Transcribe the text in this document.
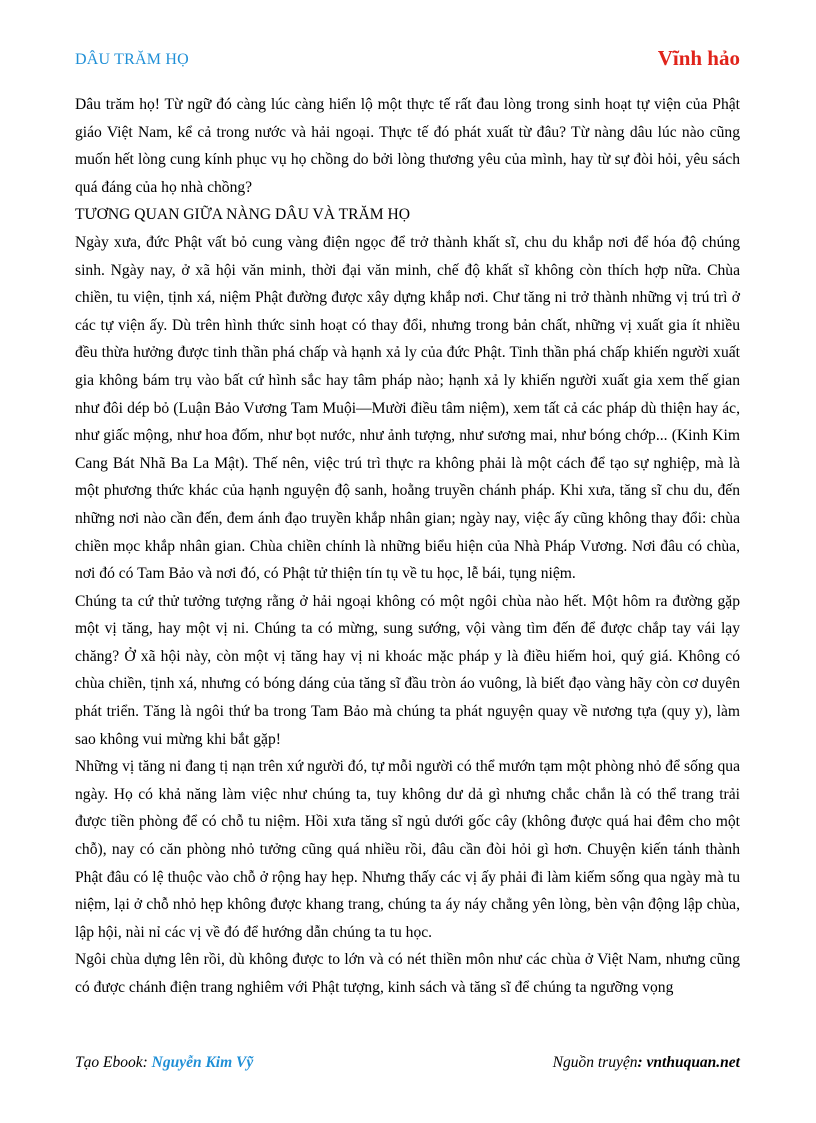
DÂU TRĂM HỌ	Vĩnh hảo

Dâu trăm họ! Từ ngữ đó càng lúc càng hiển lộ một thực tế rất đau lòng trong sinh hoạt tự viện của Phật giáo Việt Nam, kể cả trong nước và hải ngoại. Thực tế đó phát xuất từ đâu? Từ nàng dâu lúc nào cũng muốn hết lòng cung kính phục vụ họ chồng do bởi lòng thương yêu của mình, hay từ sự đòi hỏi, yêu sách quá đáng của họ nhà chồng?

TƯƠNG QUAN GIỮA NÀNG DÂU VÀ TRĂM HỌ

Ngày xưa, đức Phật vất bỏ cung vàng điện ngọc để trở thành khất sĩ, chu du khắp nơi để hóa độ chúng sinh. Ngày nay, ở xã hội văn minh, thời đại văn minh, chế độ khất sĩ không còn thích hợp nữa. Chùa chiền, tu viện, tịnh xá, niệm Phật đường được xây dựng khắp nơi. Chư tăng ni trở thành những vị trú trì ở các tự viện ấy. Dù trên hình thức sinh hoạt có thay đổi, nhưng trong bản chất, những vị xuất gia ít nhiều đều thừa hưởng được tinh thần phá chấp và hạnh xả ly của đức Phật. Tinh thần phá chấp khiến người xuất gia không bám trụ vào bất cứ hình sắc hay tâm pháp nào; hạnh xả ly khiến người xuất gia xem thế gian như đôi dép bỏ (Luận Bảo Vương Tam Muội—Mười điều tâm niệm), xem tất cả các pháp dù thiện hay ác, như giấc mộng, như hoa đốm, như bọt nước, như ảnh tượng, như sương mai, như bóng chớp... (Kinh Kim Cang Bát Nhã Ba La Mật). Thế nên, việc trú trì thực ra không phải là một cách để tạo sự nghiệp, mà là một phương thức khác của hạnh nguyện độ sanh, hoằng truyền chánh pháp. Khi xưa, tăng sĩ chu du, đến những nơi nào cần đến, đem ánh đạo truyền khắp nhân gian; ngày nay, việc ấy cũng không thay đổi: chùa chiền mọc khắp nhân gian. Chùa chiền chính là những biểu hiện của Nhà Pháp Vương. Nơi đâu có chùa, nơi đó có Tam Bảo và nơi đó, có Phật tử thiện tín tụ về tu học, lễ bái, tụng niệm.

Chúng ta cứ thử tưởng tượng rằng ở hải ngoại không có một ngôi chùa nào hết. Một hôm ra đường gặp một vị tăng, hay một vị ni. Chúng ta có mừng, sung sướng, vội vàng tìm đến để được chắp tay vái lạy chăng? Ở xã hội này, còn một vị tăng hay vị ni khoác mặc pháp y là điều hiếm hoi, quý giá. Không có chùa chiền, tịnh xá, nhưng có bóng dáng của tăng sĩ đầu tròn áo vuông, là biết đạo vàng hãy còn cơ duyên phát triển. Tăng là ngôi thứ ba trong Tam Bảo mà chúng ta phát nguyện quay về nương tựa (quy y), làm sao không vui mừng khi bắt gặp!

Những vị tăng ni đang tị nạn trên xứ người đó, tự mỗi người có thể mướn tạm một phòng nhỏ để sống qua ngày. Họ có khả năng làm việc như chúng ta, tuy không dư dả gì nhưng chắc chắn là có thể trang trải được tiền phòng để có chỗ tu niệm. Hồi xưa tăng sĩ ngủ dưới gốc cây (không được quá hai đêm cho một chỗ), nay có căn phòng nhỏ tưởng cũng quá nhiều rồi, đâu cần đòi hỏi gì hơn. Chuyện kiến tánh thành Phật đâu có lệ thuộc vào chỗ ở rộng hay hẹp. Nhưng thấy các vị ấy phải đi làm kiếm sống qua ngày mà tu niệm, lại ở chỗ nhỏ hẹp không được khang trang, chúng ta áy náy chẳng yên lòng, bèn vận động lập chùa, lập hội, nài nỉ các vị về đó để hướng dẫn chúng ta tu học.

Ngôi chùa dựng lên rồi, dù không được to lớn và có nét thiền môn như các chùa ở Việt Nam, nhưng cũng có được chánh điện trang nghiêm với Phật tượng, kinh sách và tăng sĩ để chúng ta ngưỡng vọng

Tạo Ebook: Nguyễn Kim Vỹ	Nguồn truyện: vnthuquan.net
